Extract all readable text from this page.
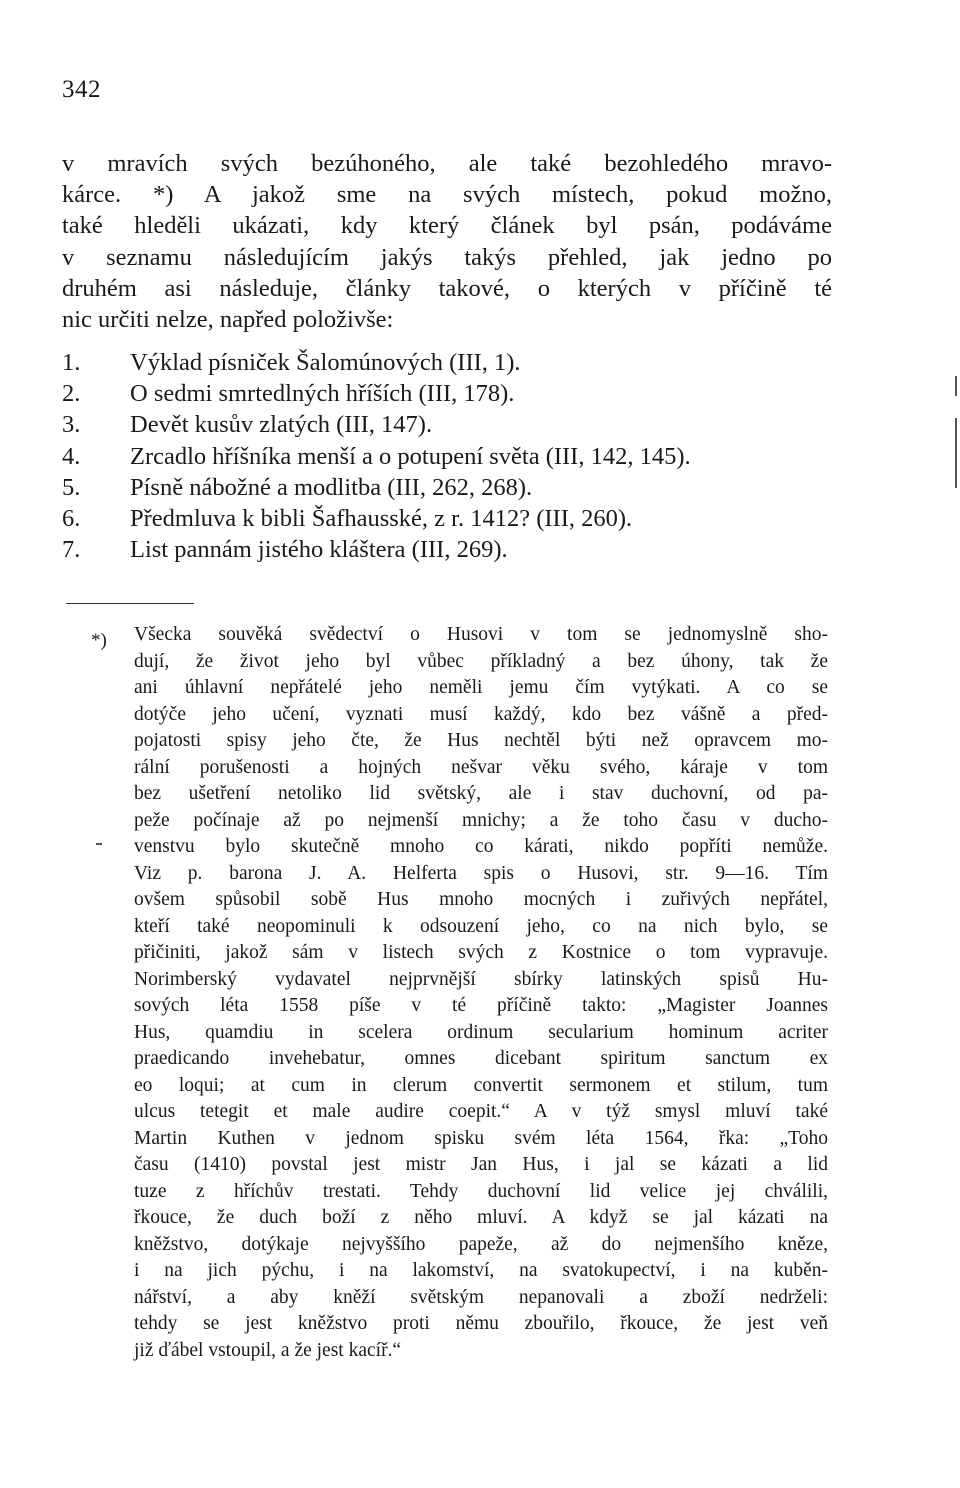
342
v mravích svých bezúhoného, ale také bezohledého mravo-
kárce. *) A jakož sme na svých místech, pokud možno,
také hleděli ukázati, kdy který článek byl psán, podáváme
v seznamu následujícím jakýs takýs přehled, jak jedno po
druhém asi následuje, články takové, o kterých v příčině té
nic určiti nelze, napřed položivše:
1.	Výklad písniček Šalomúnových (III, 1).
2.	O sedmi smrtedlných hříších (III, 178).
3.	Devět kusův zlatých (III, 147).
4.	Zrcadlo hříšníka menší a o potupení světa (III, 142, 145).
5.	Písně nábožné a modlitba (III, 262, 268).
6.	Předmluva k bibli Šafhausské, z r. 1412? (III, 260).
7.	List pannám jistého kláštera (III, 269).
*) Všecka souvěká svědectví o Husovi v tom se jednomyslně sho-
dují, že život jeho byl vůbec příkladný a bez úhony, tak že
ani úhlavní nepřátelé jeho neměli jemu čím vytýkati. A co se
dotýče jeho učení, vyznati musí každý, kdo bez vášně a před-
pojatosti spisy jeho čte, že Hus nechtěl býti než opravcem mo-
rální porušenosti a hojných nešvar věku svého, káraje v tom
bez ušetření netoliko lid světský, ale i stav duchovní, od pa-
peže počínaje až po nejmenší mnichy; a že toho času v ducho-
venstvu bylo skutečně mnoho co kárati, nikdo popříti nemůže.
Viz p. barona J. A. Helferta spis o Husovi, str. 9—16. Tím
ovšem spůsobil sobě Hus mnoho mocných i zuřivých nepřátel,
kteří také neopominuli k odsouzení jeho, co na nich bylo, se
přičiniti, jakož sám v listech svých z Kostnice o tom vypravuje.
Norimberský vydavatel nejprvnější sbírky latinských spisů Hu-
sových léta 1558 píše v té příčině takto: „Magister Joannes
Hus, quamdiu in scelera ordinum secularium hominum acriter
praedicando invehebatur, omnes dicebant spiritum sanctum ex
eo loqui; at cum in clerum convertit sermonem et stilum, tum
ulcus tetegit et male audire coepit.“ A v týž smysl mluví také
Martin Kuthen v jednom spisku svém léta 1564, řka: „Toho
času (1410) povstal jest mistr Jan Hus, i jal se kázati a lid
tuze z hříchův trestati. Tehdy duchovní lid velice jej chválili,
řkouce, že duch boží z něho mluví. A když se jal kázati na
kněžstvo, dotýkaje nejvyššího papeže, až do nejmenšího kněze,
i na jich pýchu, i na lakomství, na svatokupectví, i na kuběn-
nářství, a aby kněží světským nepanovali a zboží nedrželi:
tehdy se jest kněžstvo proti němu zbouřilo, řkouce, že jest veň
již ďábel vstoupil, a že jest kacíř.“
